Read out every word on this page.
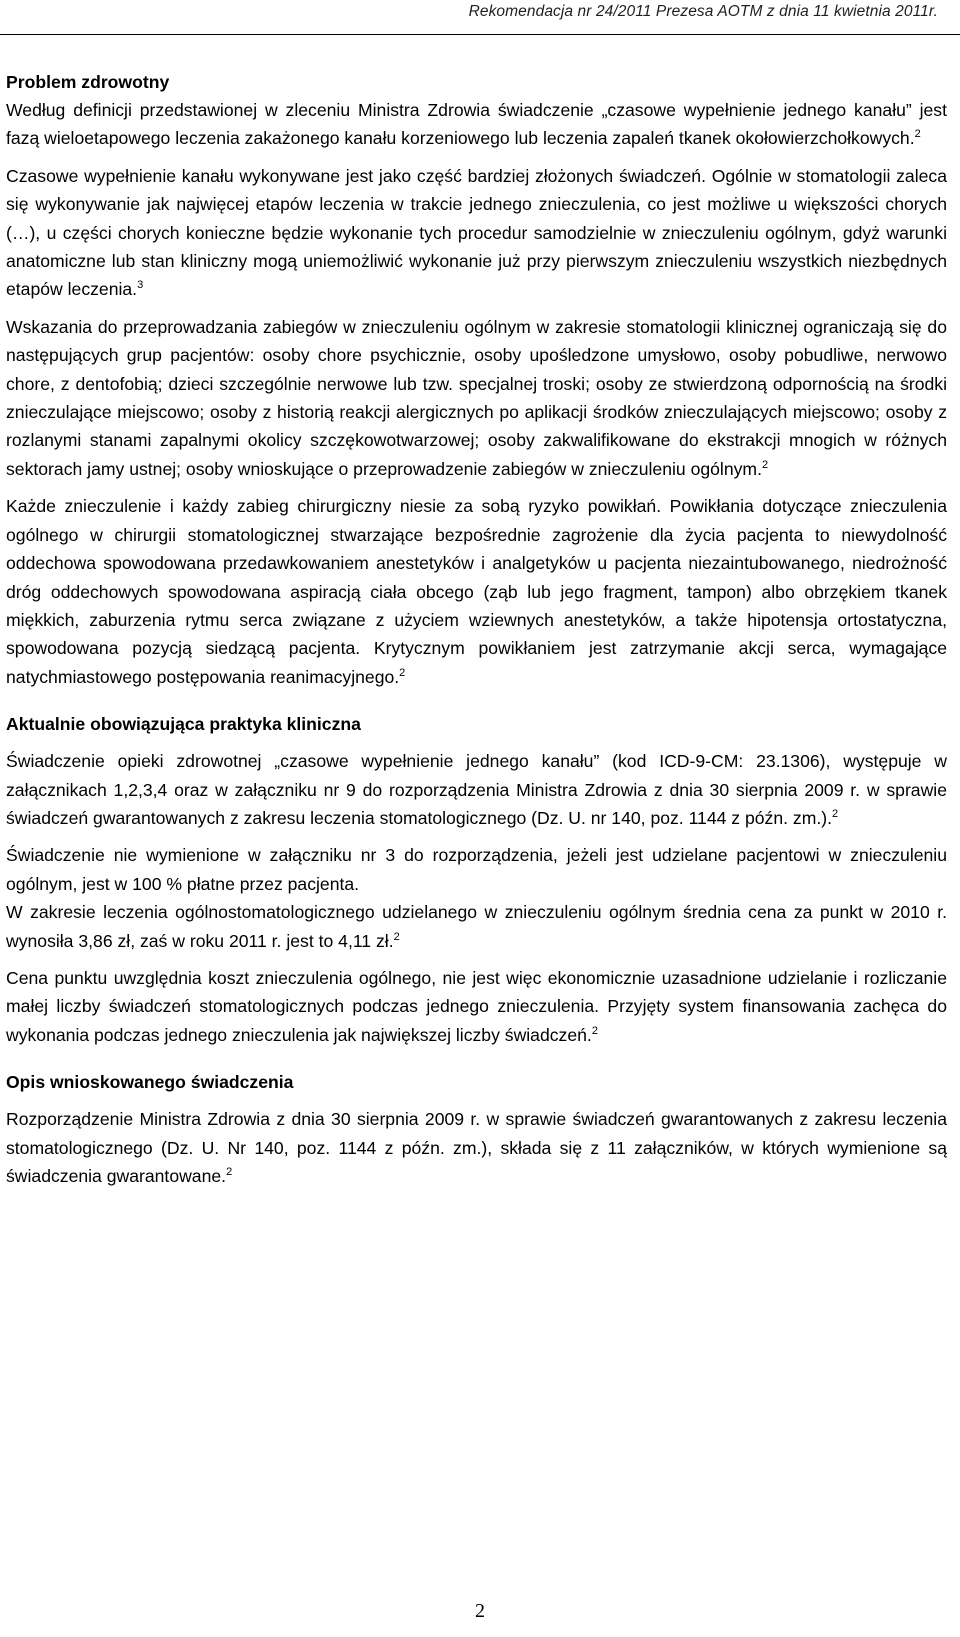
Rekomendacja nr 24/2011 Prezesa AOTM z dnia 11 kwietnia 2011r.

Problem zdrowotny

Według definicji przedstawionej w zleceniu Ministra Zdrowia świadczenie „czasowe wypełnienie jednego kanału” jest fazą wieloetapowego leczenia zakażonego kanału korzeniowego lub leczenia zapaleń tkanek okołowierzchołkowych.$^2$

Czasowe wypełnienie kanału wykonywane jest jako część bardziej złożonych świadczeń. Ogólnie w stomatologii zaleca się wykonywanie jak najwięcej etapów leczenia w trakcie jednego znieczulenia, co jest możliwe u większości chorych (…), u części chorych konieczne będzie wykonanie tych procedur samodzielnie w znieczuleniu ogólnym, gdyż warunki anatomiczne lub stan kliniczny mogą uniemożliwić wykonanie już przy pierwszym znieczuleniu wszystkich niezbędnych etapów leczenia.$^3$

Wskazania do przeprowadzania zabiegów w znieczuleniu ogólnym w zakresie stomatologii klinicznej ograniczają się do następujących grup pacjentów: osoby chore psychicznie, osoby upośledzone umysłowo, osoby pobudliwe, nerwowo chore, z dentofobią; dzieci szczególnie nerwowe lub tzw. specjalnej troski; osoby ze stwierdzoną odpornością na środki znieczulające miejscowo; osoby z historią reakcji alergicznych po aplikacji środków znieczulających miejscowo; osoby z rozlanymi stanami zapalnymi okolicy szczękowotwarzowej; osoby zakwalifikowane do ekstrakcji mnogich w różnych sektorach jamy ustnej; osoby wnioskujące o przeprowadzenie zabiegów w znieczuleniu ogólnym.$^2$

Każde znieczulenie i każdy zabieg chirurgiczny niesie za sobą ryzyko powikłań. Powikłania dotyczące znieczulenia ogólnego w chirurgii stomatologicznej stwarzające bezpośrednie zagrożenie dla życia pacjenta to niewydolność oddechowa spowodowana przedawkowaniem anestetyków i analgetyków u pacjenta niezaintubowanego, niedrożność dróg oddechowych spowodowana aspiracją ciała obcego (ząb lub jego fragment, tampon) albo obrzękiem tkanek miękkich, zaburzenia rytmu serca związane z użyciem wziewnych anestetyków, a także hipotensja ortostatyczna, spowodowana pozycją siedzącą pacjenta. Krytycznym powikłaniem jest zatrzymanie akcji serca, wymagające natychmiastowego postępowania reanimacyjnego.$^2$

Aktualnie obowiązująca praktyka kliniczna

Świadczenie opieki zdrowotnej „czasowe wypełnienie jednego kanału” (kod ICD-9-CM: 23.1306), występuje w załącznikach 1,2,3,4 oraz w załączniku nr 9 do rozporządzenia Ministra Zdrowia z dnia 30 sierpnia 2009 r. w sprawie świadczeń gwarantowanych z zakresu leczenia stomatologicznego (Dz. U. nr 140, poz. 1144 z późn. zm.).$^2$

Świadczenie nie wymienione w załączniku nr 3 do rozporządzenia, jeżeli jest udzielane pacjentowi w znieczuleniu ogólnym, jest w 100 % płatne przez pacjenta.
W zakresie leczenia ogólnostomatologicznego udzielanego w znieczuleniu ogólnym średnia cena za punkt w 2010 r. wynosiła 3,86 zł, zaś w roku 2011 r. jest to 4,11 zł.$^2$

Cena punktu uwzględnia koszt znieczulenia ogólnego, nie jest więc ekonomicznie uzasadnione udzielanie i rozliczanie małej liczby świadczeń stomatologicznych podczas jednego znieczulenia. Przyjęty system finansowania zachęca do wykonania podczas jednego znieczulenia jak największej liczby świadczeń.$^2$

Opis wnioskowanego świadczenia

Rozporządzenie Ministra Zdrowia z dnia 30 sierpnia 2009 r. w sprawie świadczeń gwarantowanych z zakresu leczenia stomatologicznego (Dz. U. Nr 140, poz. 1144 z późn. zm.), składa się z 11 załączników, w których wymienione są świadczenia gwarantowane.$^2$

2
